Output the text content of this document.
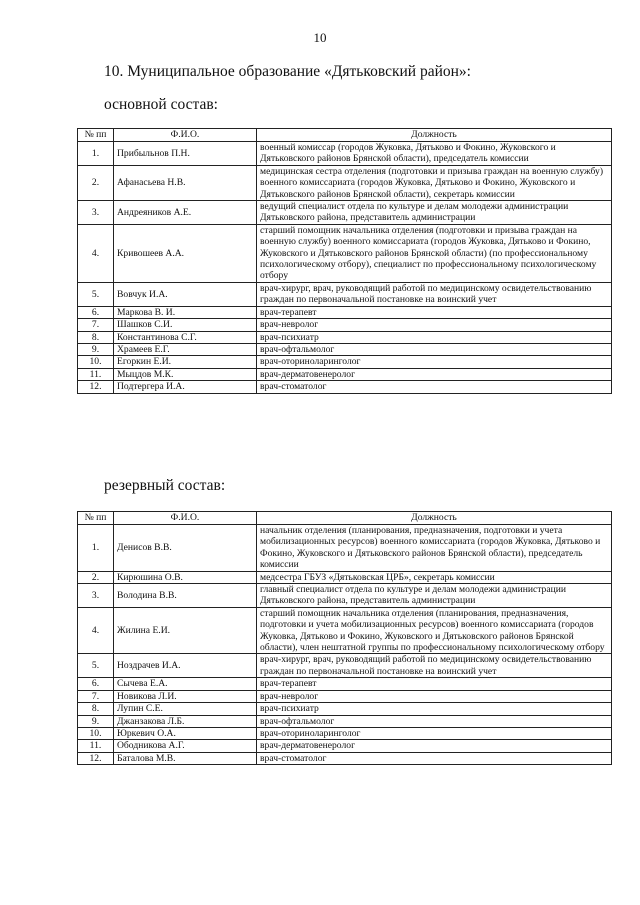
10
10. Муниципальное образование «Дятьковский район»:
основной состав:
№ пп	Ф.И.О.	Должность
1.	Прибыльнов П.Н.	военный комиссар (городов Жуковка, Дятьково и Фокино, Жуковского и Дятьковского районов Брянской области), председатель комиссии
2.	Афанасьева Н.В.	медицинская сестра отделения (подготовки и призыва граждан на военную службу) военного комиссариата (городов Жуковка, Дятьково и Фокино, Жуковского и Дятьковского районов Брянской области), секретарь комиссии
3.	Андреяников А.Е.	ведущий специалист отдела по культуре и делам молодежи администрации Дятьковского района, представитель администрации
4.	Кривошеев А.А.	старший помощник начальника отделения (подготовки и призыва граждан на военную службу) военного комиссариата (городов Жуковка, Дятьково и Фокино, Жуковского и Дятьковского районов Брянской области) (по профессиональному психологическому отбору), специалист по профессиональному психологическому отбору
5.	Вовчук И.А.	врач-хирург, врач, руководящий работой по медицинскому освидетельствованию граждан по первоначальной постановке на воинский учет
6.	Маркова В. И.	врач-терапевт
7.	Шашков С.И.	врач-невролог
8.	Константинова С.Г.	врач-психиатр
9.	Храмеев Е.Г.	врач-офтальмолог
10.	Егоркин Е.И.	врач-оториноларинголог
11.	Мыцдов М.К.	врач-дерматовенеролог
12.	Подтергера И.А.	врач-стоматолог
резервный состав:
№ пп	Ф.И.О.	Должность
1.	Денисов В.В.	начальник отделения (планирования, предназначения, подготовки и учета мобилизационных ресурсов) военного комиссариата (городов Жуковка, Дятьково и Фокино, Жуковского и Дятьковского районов Брянской области), председатель комиссии
2.	Кирюшина О.В.	медсестра ГБУЗ «Дятьковская ЦРБ», секретарь комиссии
3.	Володина В.В.	главный специалист отдела по культуре и делам молодежи администрации Дятьковского района, представитель администрации
4.	Жилина Е.И.	старший помощник начальника отделения (планирования, предназначения, подготовки и учета мобилизационных ресурсов) военного комиссариата (городов Жуковка, Дятьково и Фокино, Жуковского и Дятьковского районов Брянской области), член нештатной группы по профессиональному психологическому отбору
5.	Ноздрачев И.А.	врач-хирург, врач, руководящий работой по медицинскому освидетельствованию граждан по первоначальной постановке на воинский учет
6.	Сычева Е.А.	врач-терапевт
7.	Новикова Л.И.	врач-невролог
8.	Лупин С.Е.	врач-психиатр
9.	Джанзакова Л.Б.	врач-офтальмолог
10.	Юркевич О.А.	врач-оториноларинголог
11.	Ободникова А.Г.	врач-дерматовенеролог
12.	Баталова М.В.	врач-стоматолог
